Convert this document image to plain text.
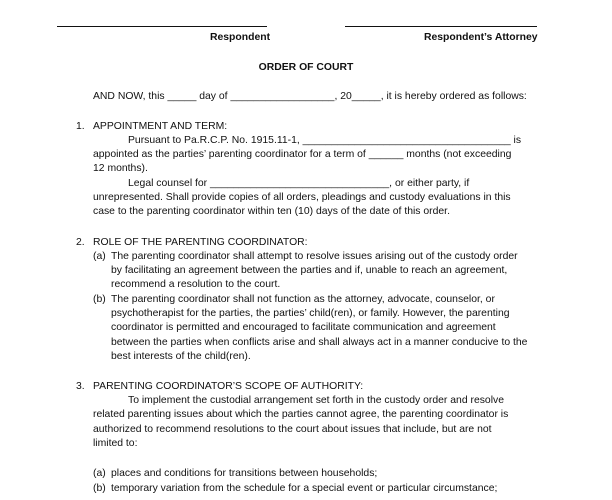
Respondent	Respondent’s Attorney
ORDER OF COURT
AND NOW, this _____ day of __________________, 20_____, it is hereby ordered as follows:
1. APPOINTMENT AND TERM:
Pursuant to Pa.R.C.P. No. 1915.11-1, ____________________________________ is
appointed as the parties’ parenting coordinator for a term of ______ months (not exceeding
12 months).
Legal counsel for _______________________________, or either party, if
unrepresented. Shall provide copies of all orders, pleadings and custody evaluations in this
case to the parenting coordinator within ten (10) days of the date of this order.
2. ROLE OF THE PARENTING COORDINATOR:
(a) The parenting coordinator shall attempt to resolve issues arising out of the custody order
by facilitating an agreement between the parties and if, unable to reach an agreement,
recommend a resolution to the court.
(b) The parenting coordinator shall not function as the attorney, advocate, counselor, or
psychotherapist for the parties, the parties’ child(ren), or family. However, the parenting
coordinator is permitted and encouraged to facilitate communication and agreement
between the parties when conflicts arise and shall always act in a manner conducive to the
best interests of the child(ren).
3. PARENTING COORDINATOR’S SCOPE OF AUTHORITY:
To implement the custodial arrangement set forth in the custody order and resolve
related parenting issues about which the parties cannot agree, the parenting coordinator is
authorized to recommend resolutions to the court about issues that include, but are not
limited to:
(a) places and conditions for transitions between households;
(b) temporary variation from the schedule for a special event or particular circumstance;
